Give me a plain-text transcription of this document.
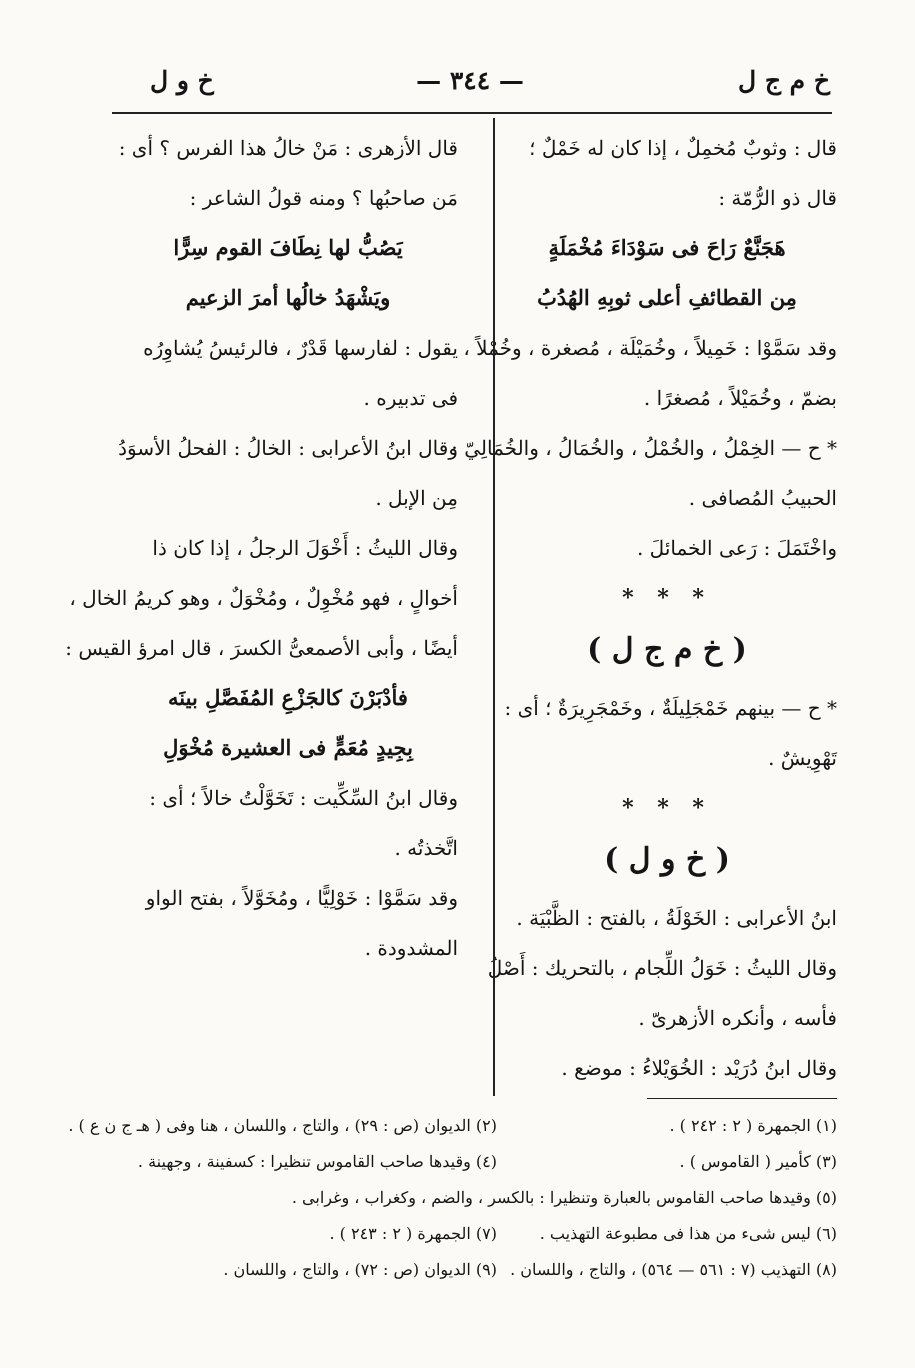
خ م ج ل
— ٣٤٤ —
خ و ل
قال : وثوبٌ مُخمِلٌ ، إذا كان له خَمْلٌ ؛
قال ذو الرُّمّة :
هَجَنَّعٌ رَاحَ فى سَوْدَاءَ مُخْمَلَةٍ
مِن القطائفِ أعلى ثوبِهِ الهُدُبُ
وقد سَمَّوْا : خَمِيلاً ، وخُمَيْلَة ، مُصغرة ، وخُمْلاً ،
بضمّ ، وخُمَيْلاً ، مُصغرًا .
* ح — الخِمْلُ ، والخُمْلُ ، والخُمَالُ ، والخُمَالِيّ :
الحبيبُ المُصافى .
واخْتَمَلَ : رَعى الخمائلَ .
* * *
( خ م ج ل )
* ح — بينهم خَمْجَلِيلَةٌ ، وخَمْجَرِيرَةٌ ؛ أى :
تَهْوِيشٌ .
* * *
( خ و ل )
ابنُ الأعرابى : الخَوْلَةُ ، بالفتح : الظَّبْيَة .
وقال الليثُ : خَوَلُ اللِّجام ، بالتحريك : أَصْلُ
فأسه ، وأنكره الأزهرىّ .
وقال ابنُ دُرَيْد : الخُوَيْلاءُ : موضع .
قال الأزهرى : مَنْ خالُ هذا الفرس ؟ أى :
مَن صاحبُها ؟ ومنه قولُ الشاعر :
يَصُبُّ لها نِطَافَ القوم سِرًّا
ويَشْهَدُ خالُها أمرَ الزعيم
يقول : لفارسها قَدْرٌ ، فالرئيسُ يُشاوِرُه
فى تدبيره .
وقال ابنُ الأعرابى : الخالُ : الفحلُ الأسوَدُ
مِن الإبل .
وقال الليثُ : أَخْوَلَ الرجلُ ، إذا كان ذا
أخوالٍ ، فهو مُخْوِلٌ ، ومُخْوَلٌ ، وهو كريمُ الخال ،
أيضًا ، وأبى الأصمعىُّ الكسرَ ، قال امرؤ القيس :
فأدْبَرْنَ كالجَزْعِ المُفَصَّلِ بينَه
بِجِيدٍ مُعَمٍّ فى العشيرة مُخْوَلِ
وقال ابنُ السِّكِّيت : تَخَوَّلْتُ خالاً ؛ أى :
اتَّخذتُه .
وقد سَمَّوْا : خَوْلِيًّا ، ومُخَوَّلاً ، بفتح الواو
المشدودة .
(١) الجمهرة ( ٢ : ٢٤٢ ) .(٢) الديوان (ص : ٢٩) ، والتاج ، واللسان ، هنا وفى ( هـ ج ن ع ) .
(٣) كأمير ( القاموس ) .(٤) وقيدها صاحب القاموس تنظيرا : كسفينة ، وجهينة .
(٥) وقيدها صاحب القاموس بالعبارة وتنظيرا : بالكسر ، والضم ، وكغراب ، وغرابى .
(٦) ليس شىء من هذا فى مطبوعة التهذيب .(٧) الجمهرة ( ٢ : ٢٤٣ ) .
(٨) التهذيب (٧ : ٥٦١ — ٥٦٤) ، والتاج ، واللسان .(٩) الديوان (ص : ٧٢) ، والتاج ، واللسان .
